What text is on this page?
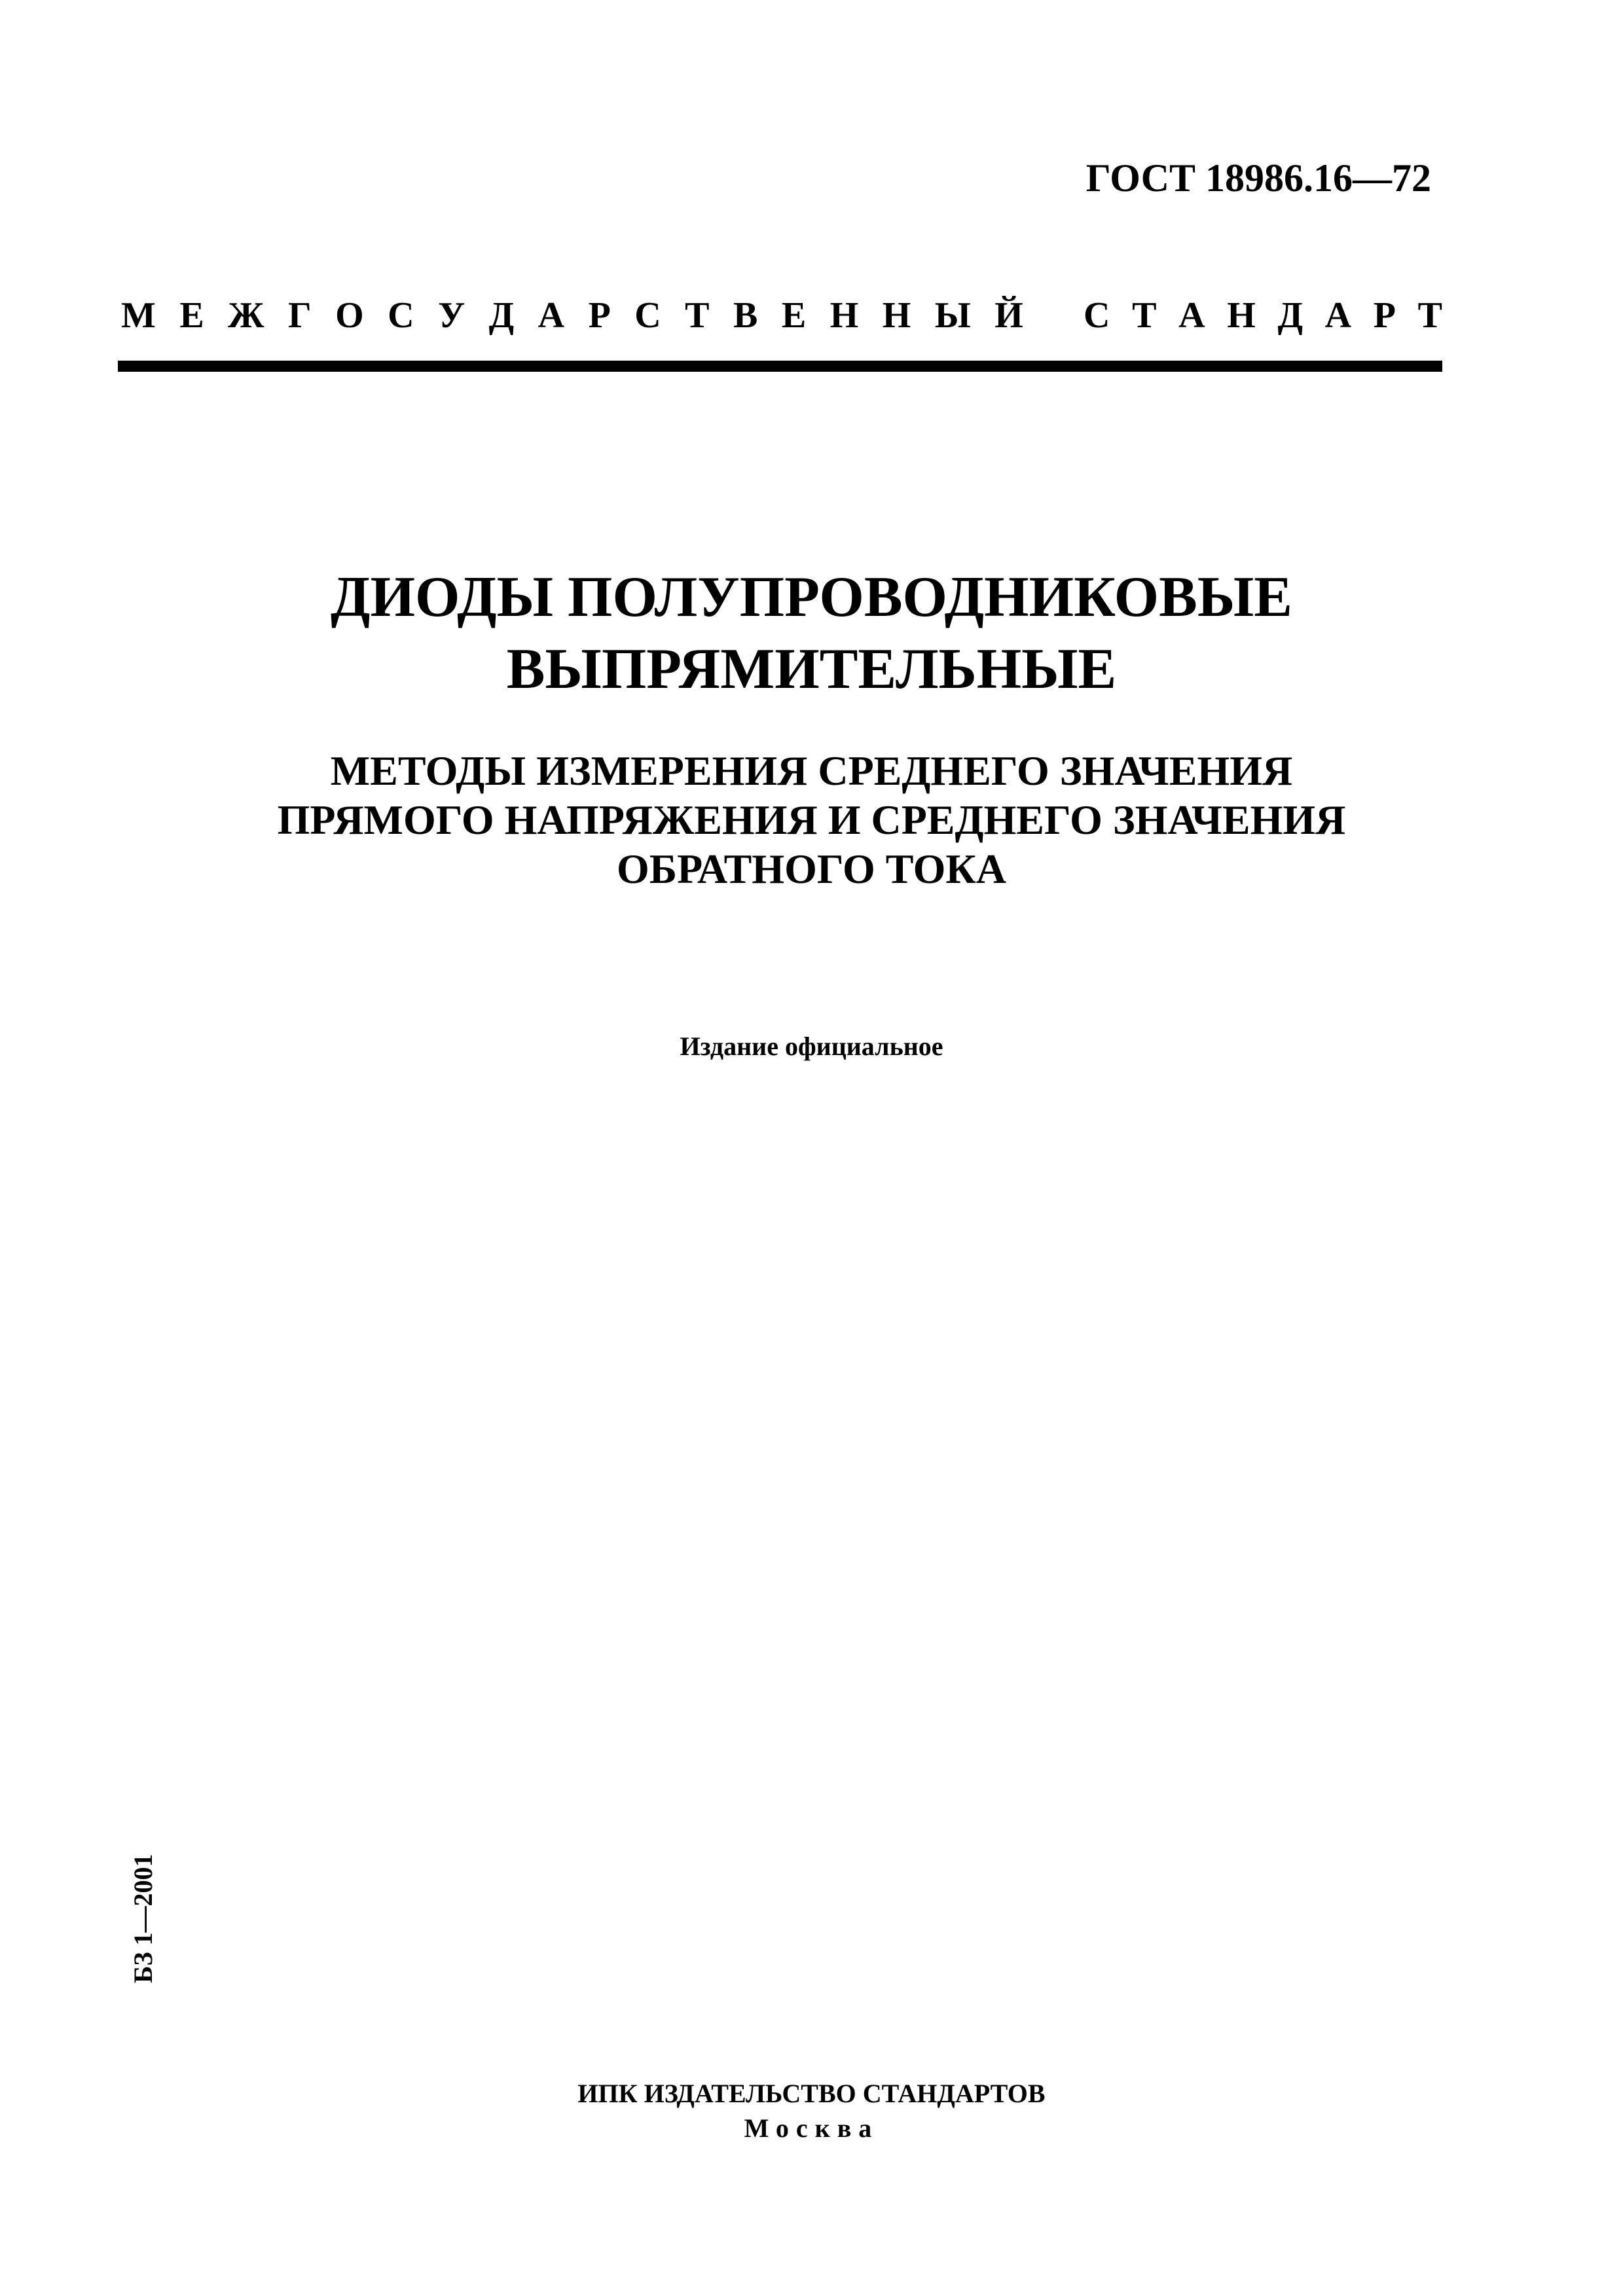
ГОСТ 18986.16—72
М Е Ж Г О С У Д А Р С Т В Е Н Н Ы Й С Т А Н Д А Р Т
ДИОДЫ ПОЛУПРОВОДНИКОВЫЕ
ВЫПРЯМИТЕЛЬНЫЕ
МЕТОДЫ ИЗМЕРЕНИЯ СРЕДНЕГО ЗНАЧЕНИЯ
ПРЯМОГО НАПРЯЖЕНИЯ И СРЕДНЕГО ЗНАЧЕНИЯ
ОБРАТНОГО ТОКА
Издание официальное
БЗ 1—2001
ИПК ИЗДАТЕЛЬСТВО СТАНДАРТОВ
Москва
